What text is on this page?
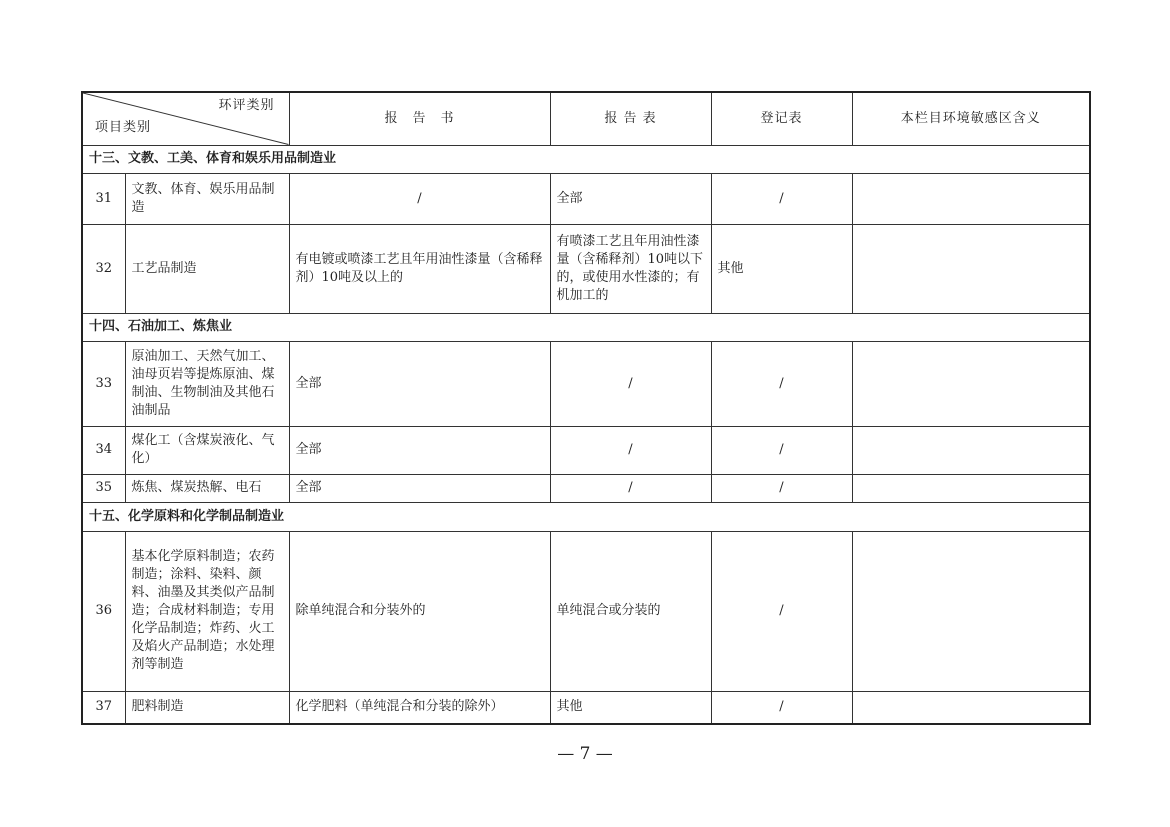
环评类别
项目类别		报　告　书	报 告 表	登记表	本栏目环境敏感区含义
十三、文教、工美、体育和娱乐用品制造业					
31	文教、体育、娱乐用品制造	/	全部	/	
32	工艺品制造	有电镀或喷漆工艺且年用油性漆量（含稀释剂）10吨及以上的	有喷漆工艺且年用油性漆量（含稀释剂）10吨以下的，或使用水性漆的；有机加工的	其他	
十四、石油加工、炼焦业					
33	原油加工、天然气加工、油母页岩等提炼原油、煤制油、生物制油及其他石油制品	全部	/	/	
34	煤化工（含煤炭液化、气化）	全部	/	/	
35	炼焦、煤炭热解、电石	全部	/	/	
十五、化学原料和化学制品制造业					
36	基本化学原料制造；农药制造；涂料、染料、颜料、油墨及其类似产品制造；合成材料制造；专用化学品制造；炸药、火工及焰火产品制造；水处理剂等制造	除单纯混合和分装外的	单纯混合或分装的	/	
37	肥料制造	化学肥料（单纯混合和分装的除外）	其他	/	
— 7 —
